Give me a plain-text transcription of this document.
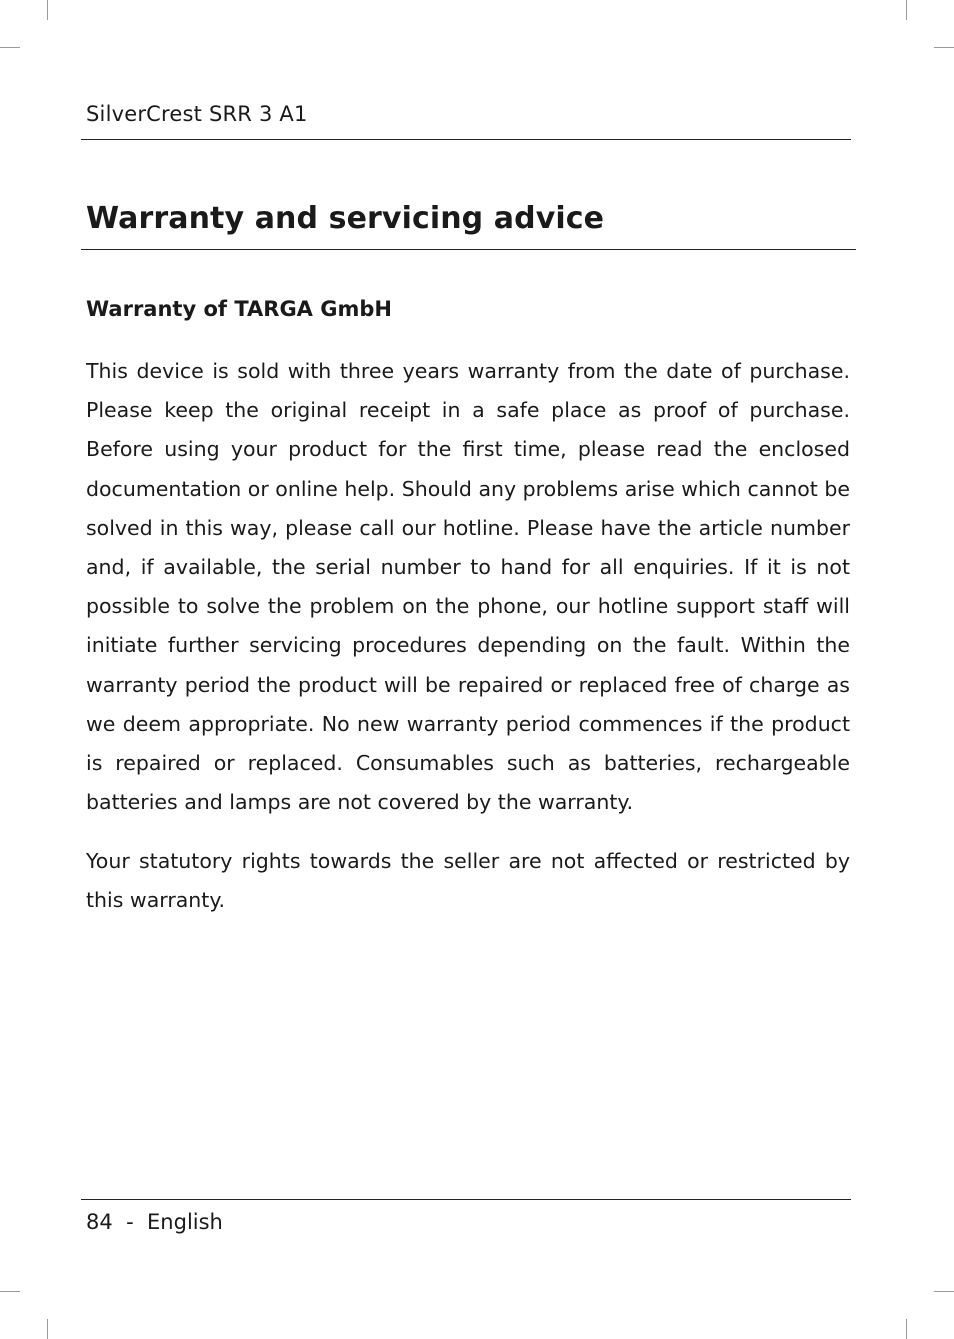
SilverCrest SRR 3 A1
Warranty and servicing advice
Warranty of TARGA GmbH

This device is sold with three years warranty from the date of purchase. Please keep the original receipt in a safe place as proof of purchase. Before using your product for the first time, please read the enclosed documentation or online help. Should any problems arise which cannot be solved in this way, please call our hotline. Please have the article number and, if available, the serial number to hand for all enquiries. If it is not possible to solve the problem on the phone, our hotline support staff will initiate further servicing procedures depending on the fault. Within the warranty period the product will be repaired or replaced free of charge as we deem appropriate. No new warranty period commences if the product is repaired or replaced. Consumables such as batteries, rechargeable batteries and lamps are not covered by the warranty.

Your statutory rights towards the seller are not affected or restricted by this warranty.

84 - English
